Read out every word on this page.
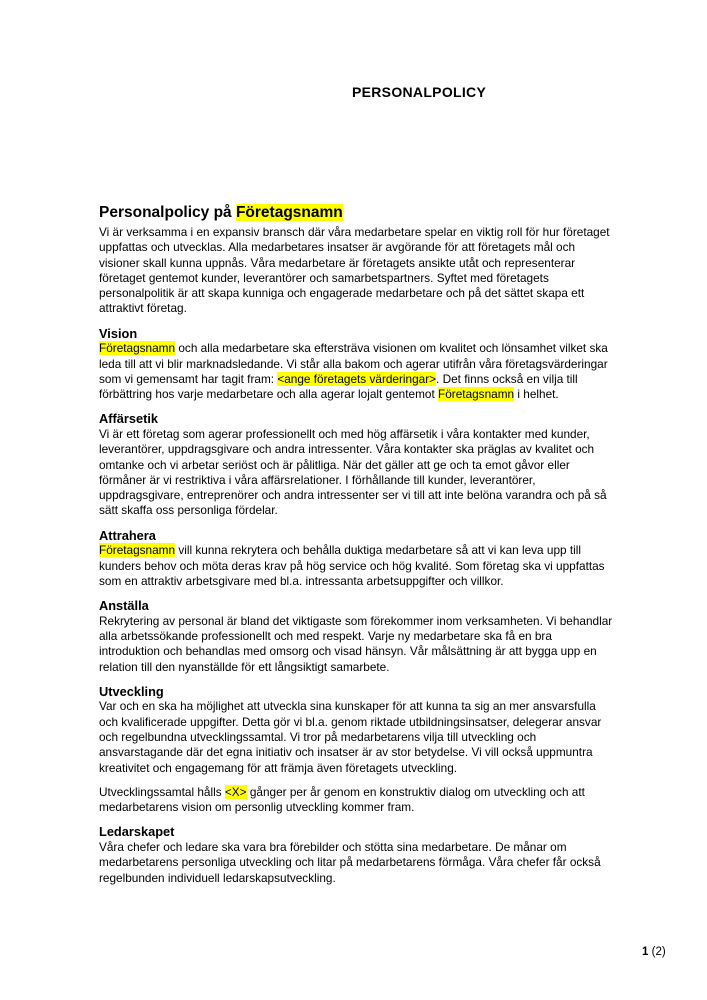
PERSONALPOLICY
Personalpolicy på Företagsnamn

Vi är verksamma i en expansiv bransch där våra medarbetare spelar en viktig roll för hur företaget uppfattas och utvecklas. Alla medarbetares insatser är avgörande för att företagets mål och visioner skall kunna uppnås. Våra medarbetare är företagets ansikte utåt och representerar företaget gentemot kunder, leverantörer och samarbetspartners. Syftet med företagets personalpolitik är att skapa kunniga och engagerade medarbetare och på det sättet skapa ett attraktivt företag.

Vision

Företagsnamn och alla medarbetare ska eftersträva visionen om kvalitet och lönsamhet vilket ska leda till att vi blir marknadsledande. Vi står alla bakom och agerar utifrån våra företagsvärderingar som vi gemensamt har tagit fram: <ange företagets värderingar>. Det finns också en vilja till förbättring hos varje medarbetare och alla agerar lojalt gentemot Företagsnamn i helhet.

Affärsetik

Vi är ett företag som agerar professionellt och med hög affärsetik i våra kontakter med kunder, leverantörer, uppdragsgivare och andra intressenter. Våra kontakter ska präglas av kvalitet och omtanke och vi arbetar seriöst och är pålitliga. När det gäller att ge och ta emot gåvor eller förmåner är vi restriktiva i våra affärsrelationer. I förhållande till kunder, leverantörer, uppdragsgivare, entreprenörer och andra intressenter ser vi till att inte belöna varandra och på så sätt skaffa oss personliga fördelar.

Attrahera

Företagsnamn vill kunna rekrytera och behålla duktiga medarbetare så att vi kan leva upp till kunders behov och möta deras krav på hög service och hög kvalité. Som företag ska vi uppfattas som en attraktiv arbetsgivare med bl.a. intressanta arbetsuppgifter och villkor.

Anställa

Rekrytering av personal är bland det viktigaste som förekommer inom verksamheten. Vi behandlar alla arbetssökande professionellt och med respekt. Varje ny medarbetare ska få en bra introduktion och behandlas med omsorg och visad hänsyn. Vår målsättning är att bygga upp en relation till den nyanställde för ett långsiktigt samarbete.

Utveckling

Var och en ska ha möjlighet att utveckla sina kunskaper för att kunna ta sig an mer ansvarsfulla och kvalificerade uppgifter. Detta gör vi bl.a. genom riktade utbildningsinsatser, delegerar ansvar och regelbundna utvecklingssamtal. Vi tror på medarbetarens vilja till utveckling och ansvarstagande där det egna initiativ och insatser är av stor betydelse. Vi vill också uppmuntra kreativitet och engagemang för att främja även företagets utveckling.

Utvecklingssamtal hålls <X> gånger per år genom en konstruktiv dialog om utveckling och att medarbetarens vision om personlig utveckling kommer fram.

Ledarskapet

Våra chefer och ledare ska vara bra förebilder och stötta sina medarbetare. De månar om medarbetarens personliga utveckling och litar på medarbetarens förmåga. Våra chefer får också regelbunden individuell ledarskapsutveckling.

1 (2)
